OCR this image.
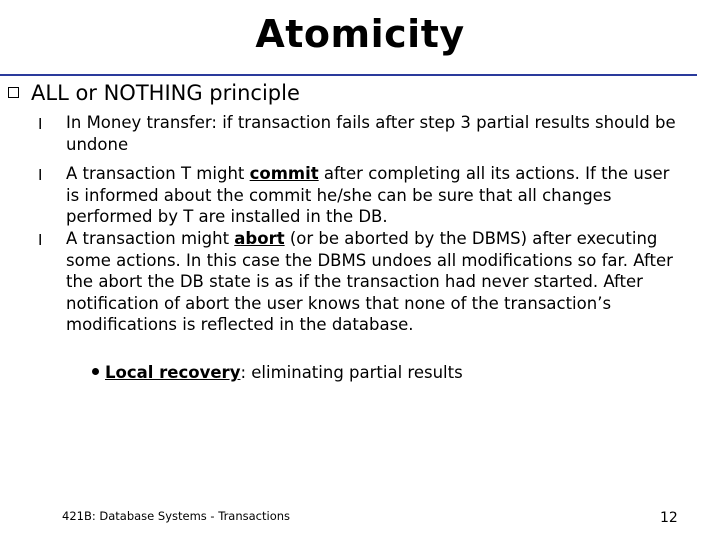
Atomicity
ALL or NOTHING principle
I In Money transfer: if transaction fails after step 3 partial results should be undone
I A transaction T might commit after completing all its actions. If the user is informed about the commit he/she can be sure that all changes performed by T are installed in the DB.
I A transaction might abort (or be aborted by the DBMS) after executing some actions. In this case the DBMS undoes all modifications so far. After the abort the DB state is as if the transaction had never started. After notification of abort the user knows that none of the transaction’s modifications is reflected in the database.
Local recovery: eliminating partial results
421B: Database Systems - Transactions	12
